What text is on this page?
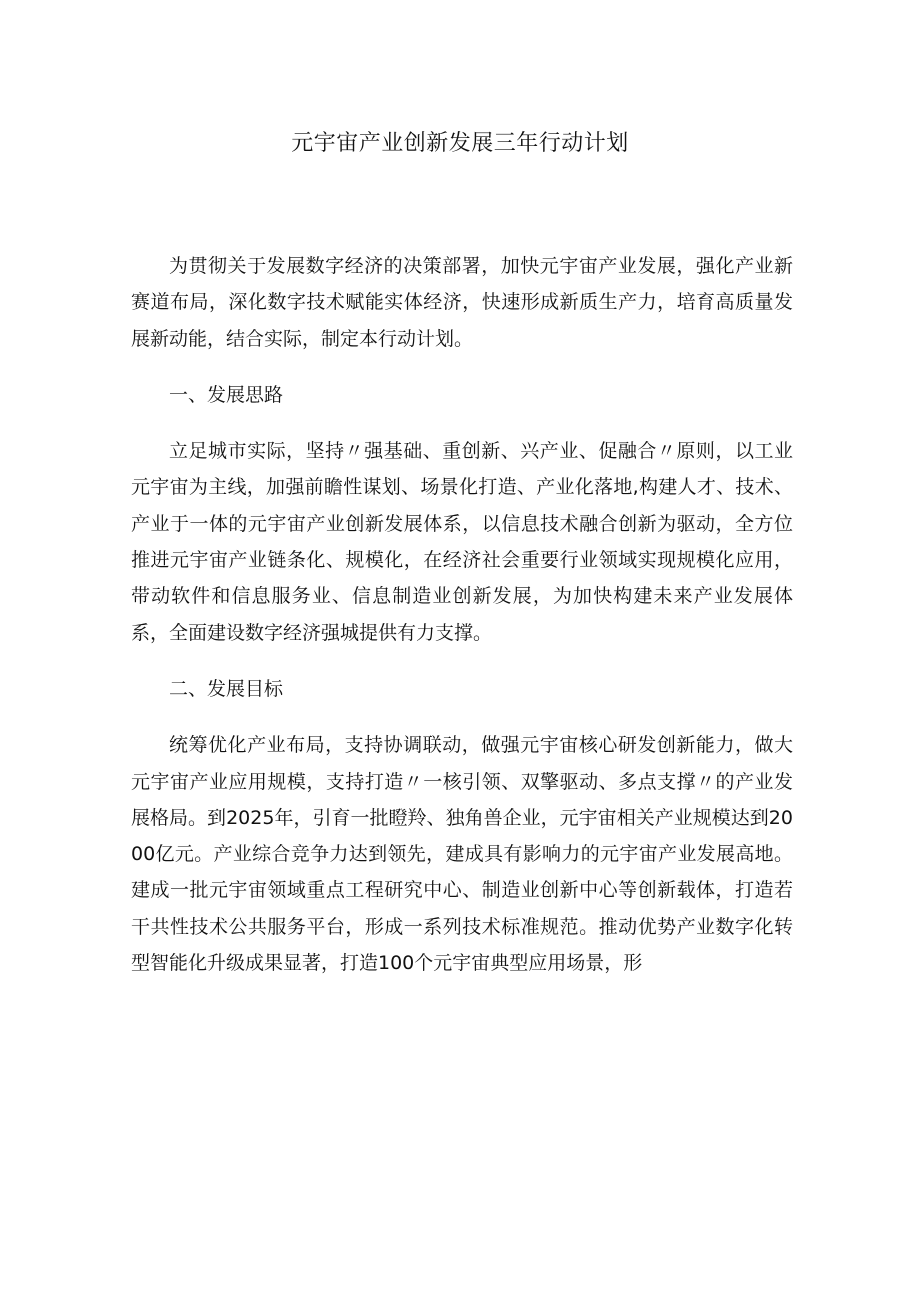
元宇宙产业创新发展三年行动计划

为贯彻关于发展数字经济的决策部署，加快元宇宙产业发展，强化产业新赛道布局，深化数字技术赋能实体经济，快速形成新质生产力，培育高质量发展新动能，结合实际，制定本行动计划。

一、发展思路

立足城市实际，坚持〃强基础、重创新、兴产业、促融合〃原则，以工业元宇宙为主线，加强前瞻性谋划、场景化打造、产业化落地,构建人才、技术、产业于一体的元宇宙产业创新发展体系，以信息技术融合创新为驱动，全方位推进元宇宙产业链条化、规模化，在经济社会重要行业领域实现规模化应用，带动软件和信息服务业、信息制造业创新发展，为加快构建未来产业发展体系，全面建设数字经济强城提供有力支撑。

二、发展目标

统筹优化产业布局，支持协调联动，做强元宇宙核心研发创新能力，做大元宇宙产业应用规模，支持打造〃一核引领、双擎驱动、多点支撑〃的产业发展格局。到2025年，引育一批瞪羚、独角兽企业，元宇宙相关产业规模达到2000亿元。产业综合竞争力达到领先，建成具有影响力的元宇宙产业发展高地。建成一批元宇宙领域重点工程研究中心、制造业创新中心等创新载体，打造若干共性技术公共服务平台，形成一系列技术标准规范。推动优势产业数字化转型智能化升级成果显著，打造100个元宇宙典型应用场景，形
